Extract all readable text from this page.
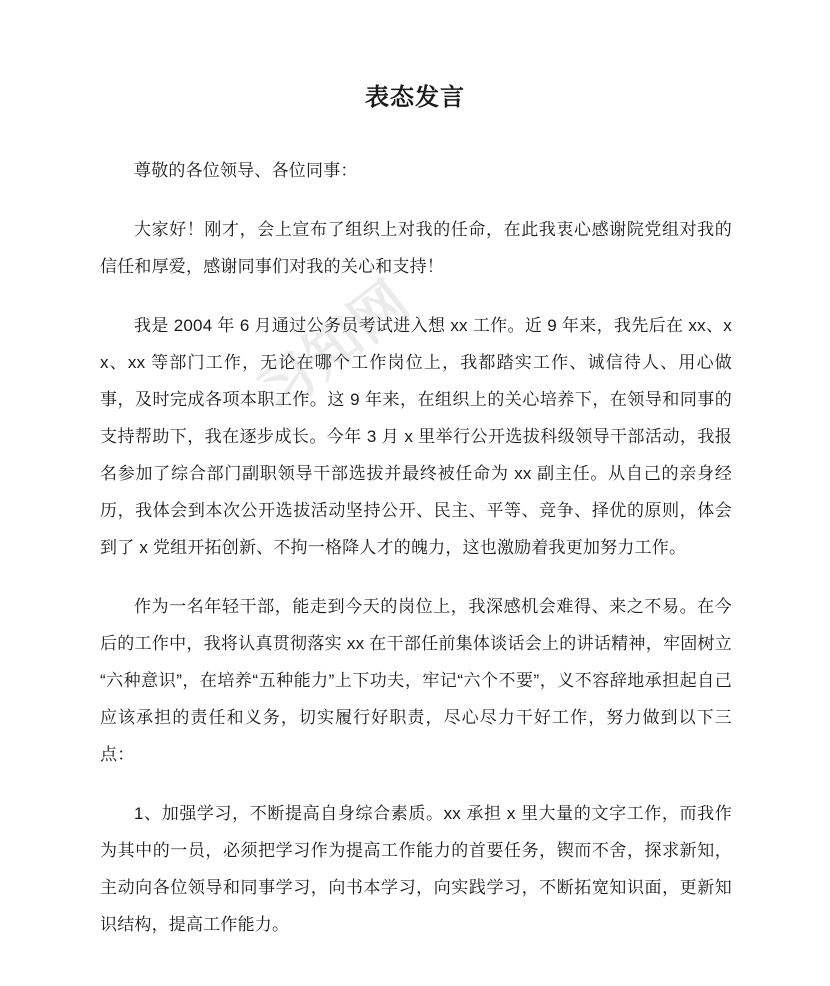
习知网
表态发言

尊敬的各位领导、各位同事：

大家好！刚才，会上宣布了组织上对我的任命，在此我衷心感谢院党组对我的信任和厚爱，感谢同事们对我的关心和支持！

我是 2004 年 6 月通过公务员考试进入想 xx 工作。近 9 年来，我先后在 xx、xx、xx 等部门工作，无论在哪个工作岗位上，我都踏实工作、诚信待人、用心做事，及时完成各项本职工作。这 9 年来，在组织上的关心培养下，在领导和同事的支持帮助下，我在逐步成长。今年 3 月 x 里举行公开选拔科级领导干部活动，我报名参加了综合部门副职领导干部选拔并最终被任命为 xx 副主任。从自己的亲身经历，我体会到本次公开选拔活动坚持公开、民主、平等、竞争、择优的原则，体会到了 x 党组开拓创新、不拘一格降人才的魄力，这也激励着我更加努力工作。

作为一名年轻干部，能走到今天的岗位上，我深感机会难得、来之不易。在今后的工作中，我将认真贯彻落实 xx 在干部任前集体谈话会上的讲话精神，牢固树立“六种意识”，在培养“五种能力”上下功夫，牢记“六个不要”，义不容辞地承担起自己应该承担的责任和义务，切实履行好职责，尽心尽力干好工作，努力做到以下三点：

1、加强学习，不断提高自身综合素质。xx 承担 x 里大量的文字工作，而我作为其中的一员，必须把学习作为提高工作能力的首要任务，锲而不舍，探求新知，主动向各位领导和同事学习，向书本学习，向实践学习，不断拓宽知识面，更新知识结构，提高工作能力。
